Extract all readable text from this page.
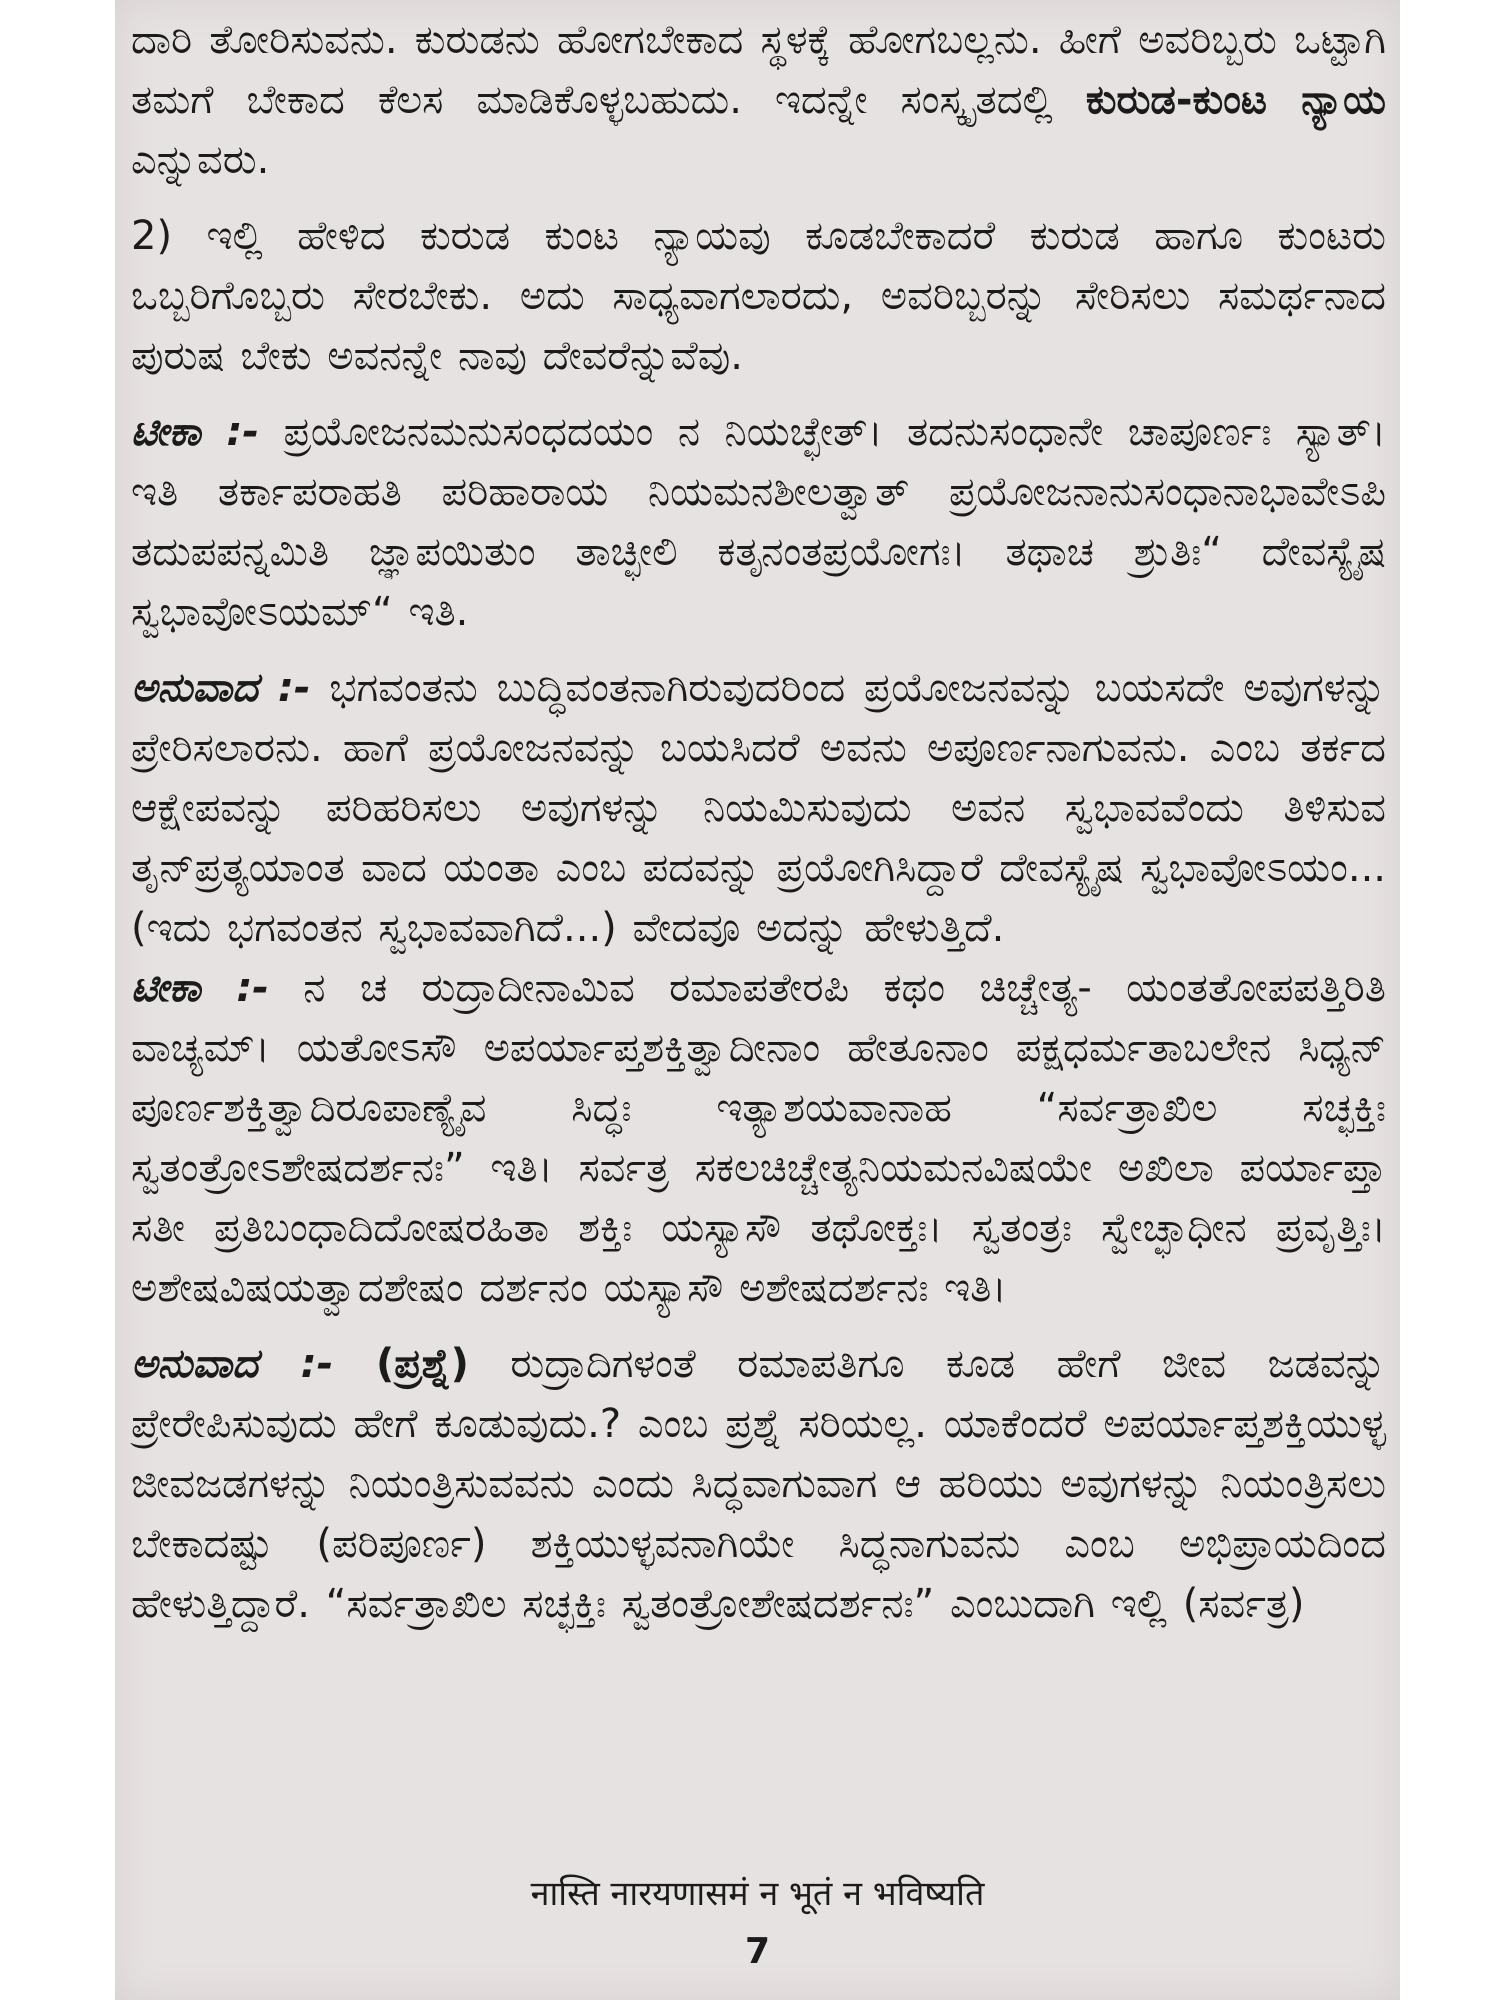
ದಾರಿ ತೋರಿಸುವನು. ಕುರುಡನು ಹೋಗಬೇಕಾದ ಸ್ಥಳಕ್ಕೆ ಹೋಗಬಲ್ಲನು. ಹೀಗೆ ಅವರಿಬ್ಬರು ಒಟ್ಟಾಗಿ ತಮಗೆ ಬೇಕಾದ ಕೆಲಸ ಮಾಡಿಕೊಳ್ಳಬಹುದು. ಇದನ್ನೇ ಸಂಸ್ಕೃತದಲ್ಲಿ ಕುರುಡ-ಕುಂಟ ನ್ಯಾಯ ಎನ್ನುವರು.

2) ಇಲ್ಲಿ ಹೇಳಿದ ಕುರುಡ ಕುಂಟ ನ್ಯಾಯವು ಕೂಡಬೇಕಾದರೆ ಕುರುಡ ಹಾಗೂ ಕುಂಟರು ಒಬ್ಬರಿಗೊಬ್ಬರು ಸೇರಬೇಕು. ಅದು ಸಾಧ್ಯವಾಗಲಾರದು, ಅವರಿಬ್ಬರನ್ನು ಸೇರಿಸಲು ಸಮರ್ಥನಾದ ಪುರುಷ ಬೇಕು ಅವನನ್ನೇ ನಾವು ದೇವರೆನ್ನುವೆವು.

ಟೀಕಾ :- ಪ್ರಯೋಜನಮನುಸಂಧದಯಂ ನ ನಿಯಚ್ಛೇತ್। ತದನುಸಂಧಾನೇ ಚಾಪೂರ್ಣಃ ಸ್ಯಾತ್। ಇತಿ ತರ್ಕಾಪರಾಹತಿ ಪರಿಹಾರಾಯ ನಿಯಮನಶೀಲತ್ವಾತ್ ಪ್ರಯೋಜನಾನುಸಂಧಾನಾಭಾವೇಽಪಿ ತದುಪಪನ್ನಮಿತಿ ಜ್ಞಾಪಯಿತುಂ ತಾಚ್ಛೀಲಿ ಕತೃನಂತಪ್ರಯೋಗಃ। ತಥಾಚ ಶ್ರುತಿಃ“ ದೇವಸ್ಯೈಷ ಸ್ವಭಾವೋಽಯಮ್“ ಇತಿ.

ಅನುವಾದ :- ಭಗವಂತನು ಬುದ್ಧಿವಂತನಾಗಿರುವುದರಿಂದ ಪ್ರಯೋಜನವನ್ನು ಬಯಸದೇ ಅವುಗಳನ್ನು ಪ್ರೇರಿಸಲಾರನು. ಹಾಗೆ ಪ್ರಯೋಜನವನ್ನು ಬಯಸಿದರೆ ಅವನು ಅಪೂರ್ಣನಾಗುವನು. ಎಂಬ ತರ್ಕದ ಆಕ್ಷೇಪವನ್ನು ಪರಿಹರಿಸಲು ಅವುಗಳನ್ನು ನಿಯಮಿಸುವುದು ಅವನ ಸ್ವಭಾವವೆಂದು ತಿಳಿಸುವ ತೃನ್‌ಪ್ರತ್ಯಯಾಂತ ವಾದ ಯಂತಾ ಎಂಬ ಪದವನ್ನು ಪ್ರಯೋಗಿಸಿದ್ದಾರೆ ದೇವಸ್ಯೈಷ ಸ್ವಭಾವೋಽಯಂ... (ಇದು ಭಗವಂತನ ಸ್ವಭಾವವಾಗಿದೆ...) ವೇದವೂ ಅದನ್ನು ಹೇಳುತ್ತಿದೆ.

ಟೀಕಾ :- ನ ಚ ರುದ್ರಾದೀನಾಮಿವ ರಮಾಪತೇರಪಿ ಕಥಂ ಚಿಚ್ಚೇತ್ಯ- ಯಂತತೋಪಪತ್ತಿರಿತಿ ವಾಚ್ಯಮ್। ಯತೋಽಸೌ ಅಪರ್ಯಾಪ್ತಶಕ್ತಿತ್ವಾದೀನಾಂ ಹೇತೂನಾಂ ಪಕ್ಷಧರ್ಮತಾಬಲೇನ ಸಿಧ್ಯನ್ ಪೂರ್ಣಶಕ್ತಿತ್ವಾದಿರೂಪಾಣ್ಯೈವ ಸಿದ್ಧಃ ಇತ್ಯಾಶಯವಾನಾಹ “ಸರ್ವತ್ರಾಖಿಲ ಸಚ್ಛಕ್ತಿಃ ಸ್ವತಂತ್ರೋಽಶೇಷದರ್ಶನಃ” ಇತಿ। ಸರ್ವತ್ರ ಸಕಲಚಿಚ್ಚೇತ್ಯನಿಯಮನವಿಷಯೇ ಅಖಿಲಾ ಪರ್ಯಾಪ್ತಾ ಸತೀ ಪ್ರತಿಬಂಧಾದಿದೋಷರಹಿತಾ ಶಕ್ತಿಃ ಯಸ್ಯಾಸೌ ತಥೋಕ್ತಃ। ಸ್ವತಂತ್ರಃ ಸ್ವೇಚ್ಛಾಧೀನ ಪ್ರವೃತ್ತಿಃ। ಅಶೇಷವಿಷಯತ್ವಾದಶೇಷಂ ದರ್ಶನಂ ಯಸ್ಯಾಸೌ ಅಶೇಷದರ್ಶನಃ ಇತಿ।

ಅನುವಾದ :- (ಪ್ರಶ್ನೆ) ರುದ್ರಾದಿಗಳಂತೆ ರಮಾಪತಿಗೂ ಕೂಡ ಹೇಗೆ ಜೀವ ಜಡವನ್ನು ಪ್ರೇರೇಪಿಸುವುದು ಹೇಗೆ ಕೂಡುವುದು.? ಎಂಬ ಪ್ರಶ್ನೆ ಸರಿಯಲ್ಲ. ಯಾಕೆಂದರೆ ಅಪರ್ಯಾಪ್ತಶಕ್ತಿಯುಳ್ಳ ಜೀವಜಡಗಳನ್ನು ನಿಯಂತ್ರಿಸುವವನು ಎಂದು ಸಿದ್ಧವಾಗುವಾಗ ಆ ಹರಿಯು ಅವುಗಳನ್ನು ನಿಯಂತ್ರಿಸಲು ಬೇಕಾದಷ್ಟು (ಪರಿಪೂರ್ಣ) ಶಕ್ತಿಯುಳ್ಳವನಾಗಿಯೇ ಸಿದ್ಧನಾಗುವನು ಎಂಬ ಅಭಿಪ್ರಾಯದಿಂದ ಹೇಳುತ್ತಿದ್ದಾರೆ. “ಸರ್ವತ್ರಾಖಿಲ ಸಚ್ಛಕ್ತಿಃ ಸ್ವತಂತ್ರೋಶೇಷದರ್ಶನಃ” ಎಂಬುದಾಗಿ ಇಲ್ಲಿ (ಸರ್ವತ್ರ)

नास्ति नारयणासमं न भूतं न भविष्यति
7
